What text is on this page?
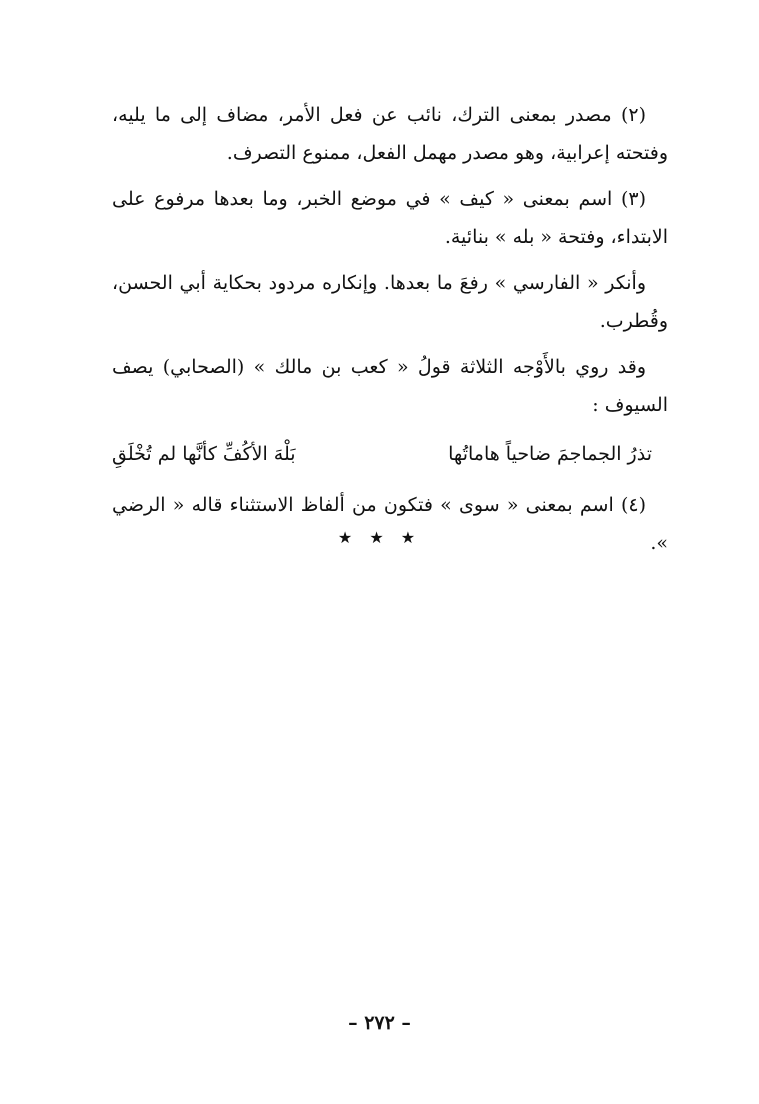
(٢) مصدر بمعنى الترك، نائب عن فعل الأمر، مضاف إلى ما يليه، وفتحته إعرابية، وهو مصدر مهمل الفعل، ممنوع التصرف.

(٣) اسم بمعنى « كيف » في موضع الخبر، وما بعدها مرفوع على الابتداء، وفتحة « بله » بنائية.

وأنكر « الفارسي » رفعَ ما بعدها. وإنكاره مردود بحكاية أبي الحسن، وقُطرب.

وقد روي بالأَوْجه الثلاثة قولُ « كعب بن مالك » (الصحابي) يصف السيوف :

تذرُ الجماجمَ ضاحياً هاماتُها
بَلْهَ الأكُفِّ كأنَّها لم تُخْلَقِ

(٤) اسم بمعنى « سوى » فتكون من ألفاظ الاستثناء قاله « الرضي ».

★ ★ ★
– ٢٧٢ –
